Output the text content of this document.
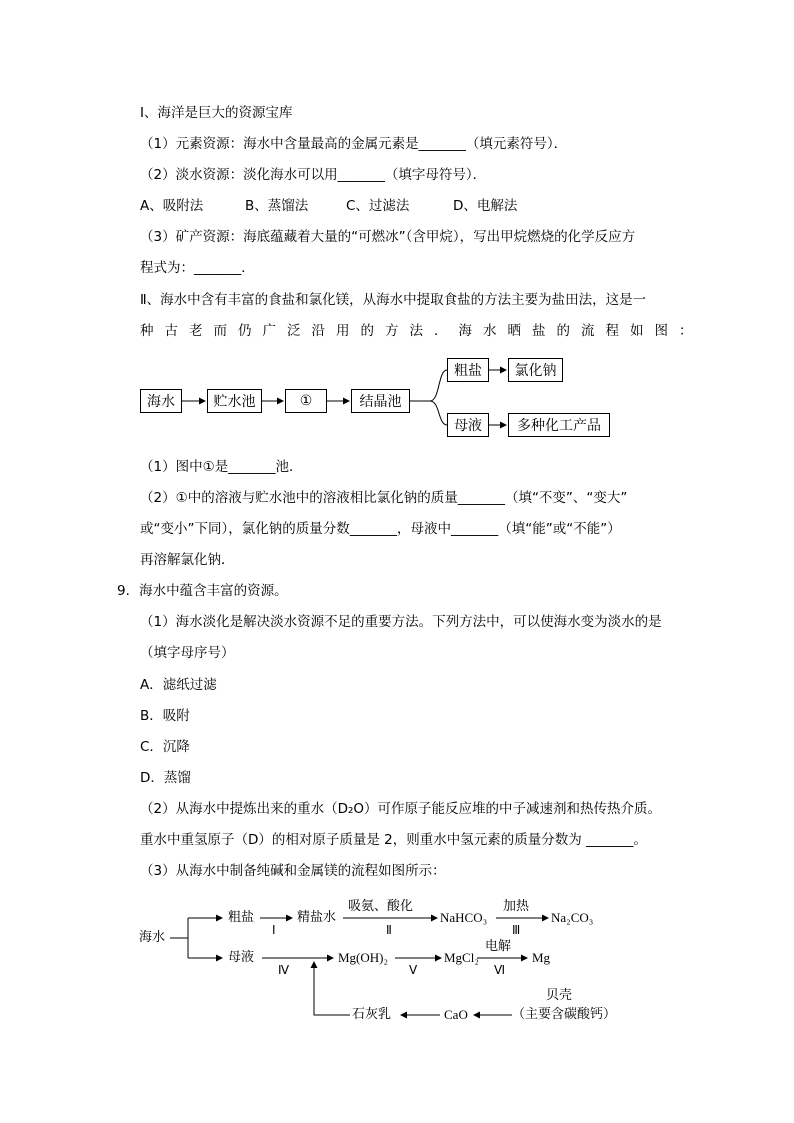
Ⅰ、海洋是巨大的资源宝库
（1）元素资源：海水中含量最高的金属元素是_______（填元素符号）．
（2）淡水资源：淡化海水可以用_______（填字母符号）．
A、吸附法	B、蒸馏法	C、过滤法	D、电解法
（3）矿产资源：海底蕴藏着大量的“可燃冰”（含甲烷），写出甲烷燃烧的化学反应方
程式为：_______．
Ⅱ、海水中含有丰富的食盐和氯化镁，从海水中提取食盐的方法主要为盐田法，这是一
种古老而仍广泛沿用的方法．海水晒盐的流程如图：
海水	贮水池	①	结晶池
粗盐	氯化钠
母液	多种化工产品
（1）图中①是_______池．
（2）①中的溶液与贮水池中的溶液相比氯化钠的质量_______（填“不变”、“变大”
或“变小”下同），氯化钠的质量分数_______，母液中_______（填“能”或“不能”）
再溶解氯化钠．
9．海水中蕴含丰富的资源。
（1）海水淡化是解决淡水资源不足的重要方法。下列方法中，可以使海水变为淡水的是
（填字母序号）
A．滤纸过滤
B．吸附
C．沉降
D．蒸馏
（2）从海水中提炼出来的重水（D₂O）可作原子能反应堆的中子减速剂和热传热介质。
重水中重氢原子（D）的相对原子质量是 2，则重水中氢元素的质量分数为 _______。
（3）从海水中制备纯碱和金属镁的流程如图所示：
海水
粗盐
Ⅰ
精盐水
吸氨、酸化
Ⅱ
NaHCO₃
加热
Ⅲ
Na₂CO₃
母液
Ⅳ
Mg(OH)₂
Ⅴ
MgCl₂
电解
Ⅵ
Mg
石灰乳	CaO
贝壳
（主要含碳酸钙）
